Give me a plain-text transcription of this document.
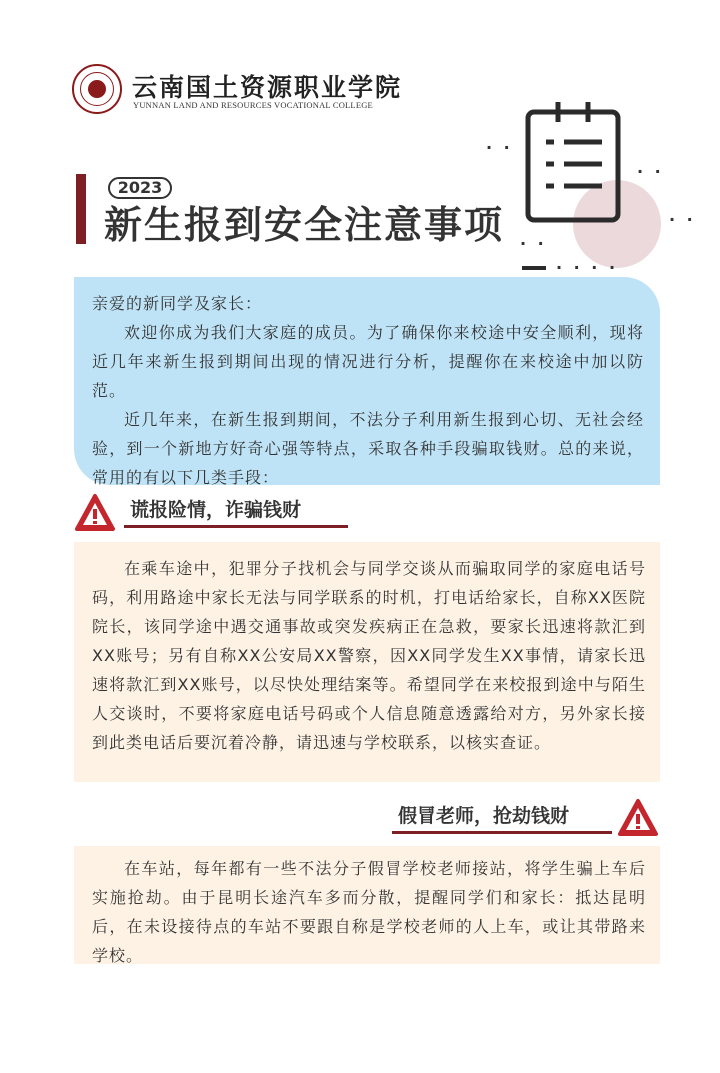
云南国土资源职业学院
YUNNAN LAND AND RESOURCES VOCATIONAL COLLEGE
· ·
· ·
· ·
· ·
· · · ·
2023
新生报到安全注意事项

亲爱的新同学及家长：

欢迎你成为我们大家庭的成员。为了确保你来校途中安全顺利，现将近几年来新生报到期间出现的情况进行分析，提醒你在来校途中加以防范。

近几年来，在新生报到期间，不法分子利用新生报到心切、无社会经验，到一个新地方好奇心强等特点，采取各种手段骗取钱财。总的来说，常用的有以下几类手段：

谎报险情，诈骗钱财

在乘车途中，犯罪分子找机会与同学交谈从而骗取同学的家庭电话号码，利用路途中家长无法与同学联系的时机，打电话给家长，自称XX医院院长，该同学途中遇交通事故或突发疾病正在急救，要家长迅速将款汇到XX账号；另有自称XX公安局XX警察，因XX同学发生XX事情，请家长迅速将款汇到XX账号，以尽快处理结案等。希望同学在来校报到途中与陌生人交谈时，不要将家庭电话号码或个人信息随意透露给对方，另外家长接到此类电话后要沉着冷静，请迅速与学校联系，以核实查证。

假冒老师，抢劫钱财

在车站，每年都有一些不法分子假冒学校老师接站，将学生骗上车后实施抢劫。由于昆明长途汽车多而分散，提醒同学们和家长：抵达昆明后，在未设接待点的车站不要跟自称是学校老师的人上车，或让其带路来学校。
